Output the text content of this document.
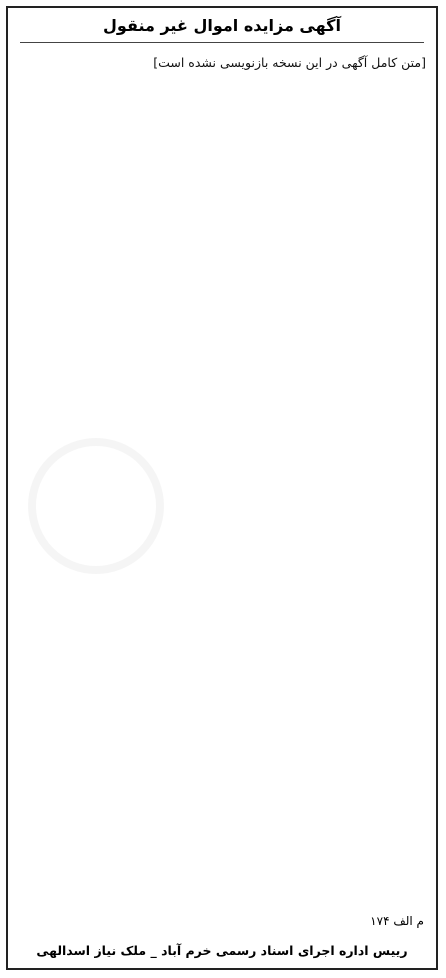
آگهی مزایده اموال غیر منقول
[متن کامل آگهی در این نسخه بازنویسی نشده است]
م الف ۱۷۴
رییس اداره اجرای اسناد رسمی خرم آباد _ ملک نیاز اسدالهی
